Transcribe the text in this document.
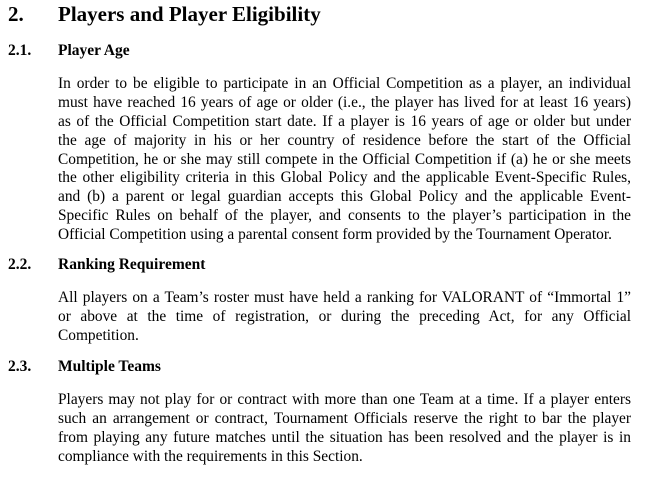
2. Players and Player Eligibility
2.1. Player Age
In order to be eligible to participate in an Official Competition as a player, an individual
must have reached 16 years of age or older (i.e., the player has lived for at least 16 years)
as of the Official Competition start date. If a player is 16 years of age or older but under
the age of majority in his or her country of residence before the start of the Official
Competition, he or she may still compete in the Official Competition if (a) he or she meets
the other eligibility criteria in this Global Policy and the applicable Event-Specific Rules,
and (b) a parent or legal guardian accepts this Global Policy and the applicable Event-
Specific Rules on behalf of the player, and consents to the player’s participation in the
Official Competition using a parental consent form provided by the Tournament Operator.
2.2. Ranking Requirement
All players on a Team’s roster must have held a ranking for VALORANT of “Immortal 1”
or above at the time of registration, or during the preceding Act, for any Official
Competition.
2.3. Multiple Teams
Players may not play for or contract with more than one Team at a time. If a player enters
such an arrangement or contract, Tournament Officials reserve the right to bar the player
from playing any future matches until the situation has been resolved and the player is in
compliance with the requirements in this Section.
